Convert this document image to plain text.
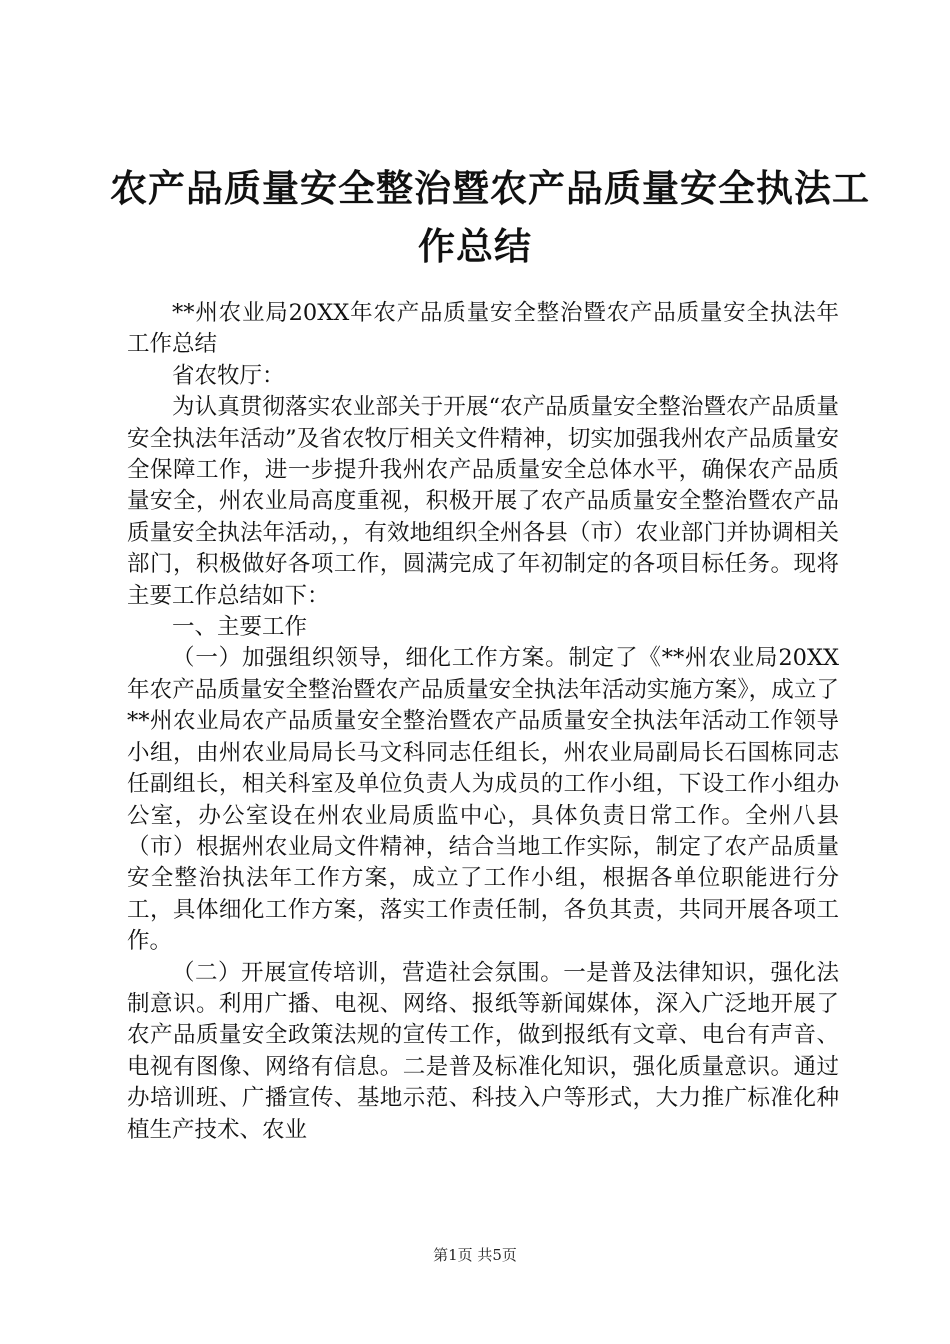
农产品质量安全整治暨农产品质量安全执法工
作总结

**州农业局20XX年农产品质量安全整治暨农产品质量安全执法年工作总结

省农牧厅：

为认真贯彻落实农业部关于开展“农产品质量安全整治暨农产品质量安全执法年活动”及省农牧厅相关文件精神，切实加强我州农产品质量安全保障工作，进一步提升我州农产品质量安全总体水平，确保农产品质量安全，州农业局高度重视，积极开展了农产品质量安全整治暨农产品质量安全执法年活动，，有效地组织全州各县（市）农业部门并协调相关部门，积极做好各项工作，圆满完成了年初制定的各项目标任务。现将主要工作总结如下：

一、主要工作

（一）加强组织领导，细化工作方案。制定了《**州农业局20XX年农产品质量安全整治暨农产品质量安全执法年活动实施方案》，成立了**州农业局农产品质量安全整治暨农产品质量安全执法年活动工作领导小组，由州农业局局长马文科同志任组长，州农业局副局长石国栋同志任副组长，相关科室及单位负责人为成员的工作小组，下设工作小组办公室，办公室设在州农业局质监中心，具体负责日常工作。全州八县（市）根据州农业局文件精神，结合当地工作实际，制定了农产品质量安全整治执法年工作方案，成立了工作小组，根据各单位职能进行分工，具体细化工作方案，落实工作责任制，各负其责，共同开展各项工作。

（二）开展宣传培训，营造社会氛围。一是普及法律知识，强化法制意识。利用广播、电视、网络、报纸等新闻媒体，深入广泛地开展了农产品质量安全政策法规的宣传工作，做到报纸有文章、电台有声音、电视有图像、网络有信息。二是普及标准化知识，强化质量意识。通过办培训班、广播宣传、基地示范、科技入户等形式，大力推广标准化种植生产技术、农业

第1页 共5页
